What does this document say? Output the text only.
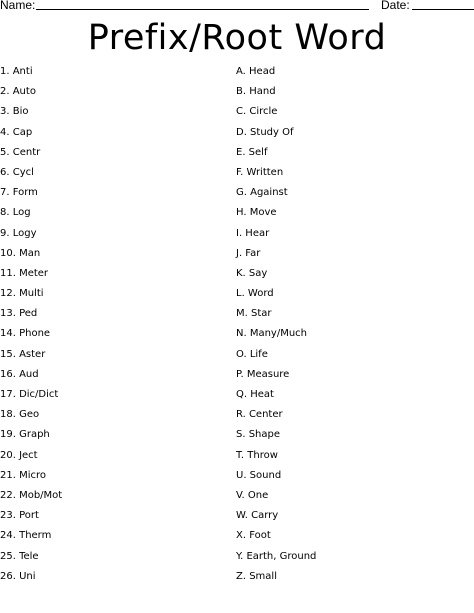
Name:	Date:
Prefix/Root Word
1. Anti
2. Auto
3. Bio
4. Cap
5. Centr
6. Cycl
7. Form
8. Log
9. Logy
10. Man
11. Meter
12. Multi
13. Ped
14. Phone
15. Aster
16. Aud
17. Dic/Dict
18. Geo
19. Graph
20. Ject
21. Micro
22. Mob/Mot
23. Port
24. Therm
25. Tele
26. Uni
A. Head
B. Hand
C. Circle
D. Study Of
E. Self
F. Written
G. Against
H. Move
I. Hear
J. Far
K. Say
L. Word
M. Star
N. Many/Much
O. Life
P. Measure
Q. Heat
R. Center
S. Shape
T. Throw
U. Sound
V. One
W. Carry
X. Foot
Y. Earth, Ground
Z. Small
